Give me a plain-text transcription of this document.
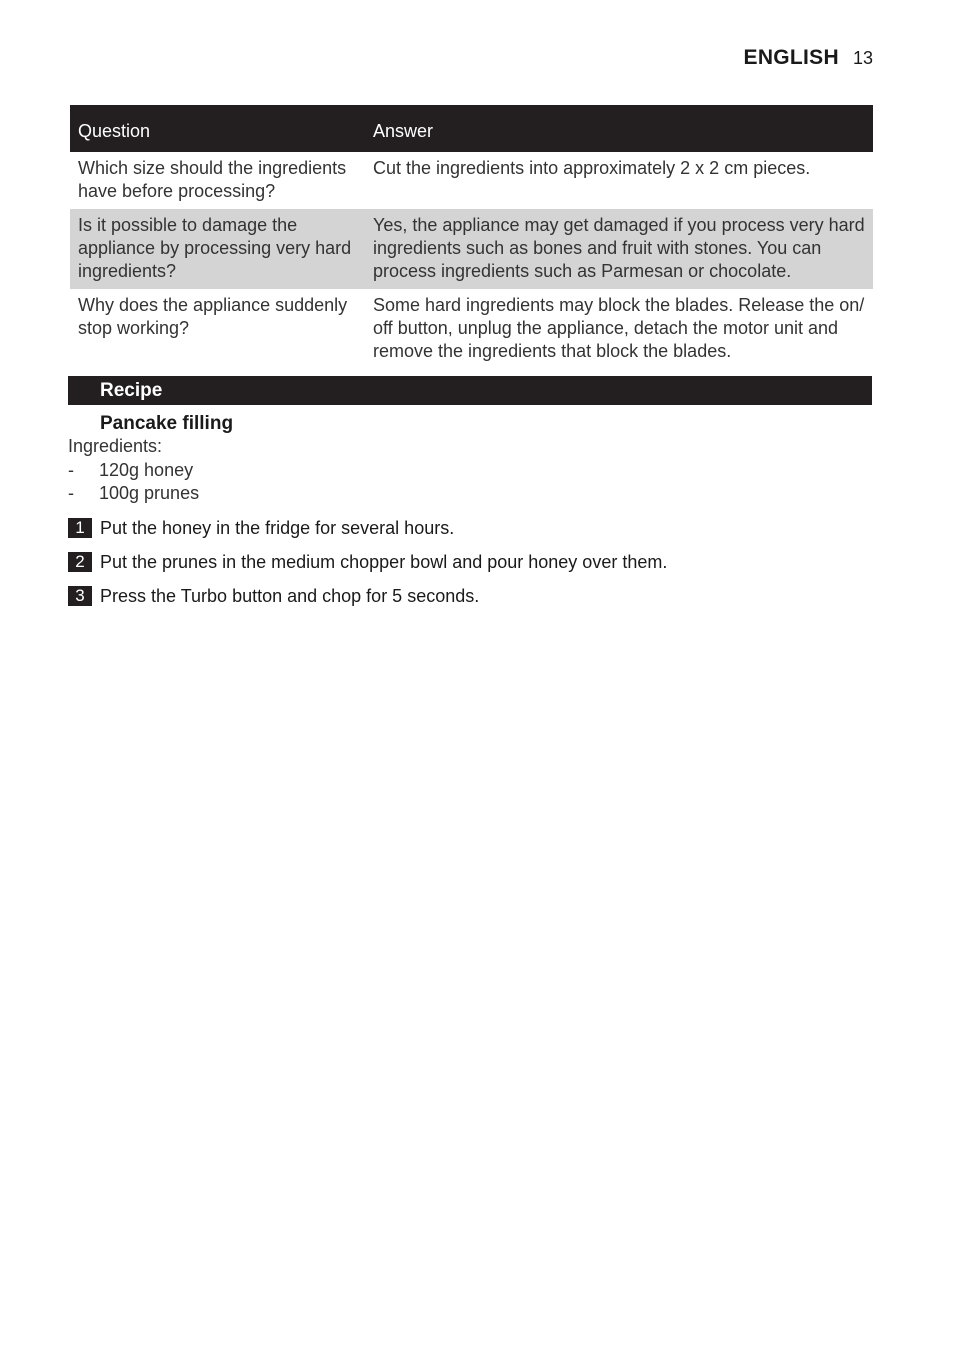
ENGLISH 13
Question	Answer
Which size should the ingredients have before processing?	Cut the ingredients into approximately 2 x 2 cm pieces.
Is it possible to damage the appliance by processing very hard ingredients?	Yes, the appliance may get damaged if you process very hard ingredients such as bones and fruit with stones. You can process ingredients such as Parmesan or chocolate.
Why does the appliance suddenly stop working?	Some hard ingredients may block the blades. Release the on/ off button, unplug the appliance, detach the motor unit and remove the ingredients that block the blades.
Recipe
Pancake filling
Ingredients:
- 120g honey
- 100g prunes
1 Put the honey in the fridge for several hours.
2 Put the prunes in the medium chopper bowl and pour honey over them.
3 Press the Turbo button and chop for 5 seconds.
